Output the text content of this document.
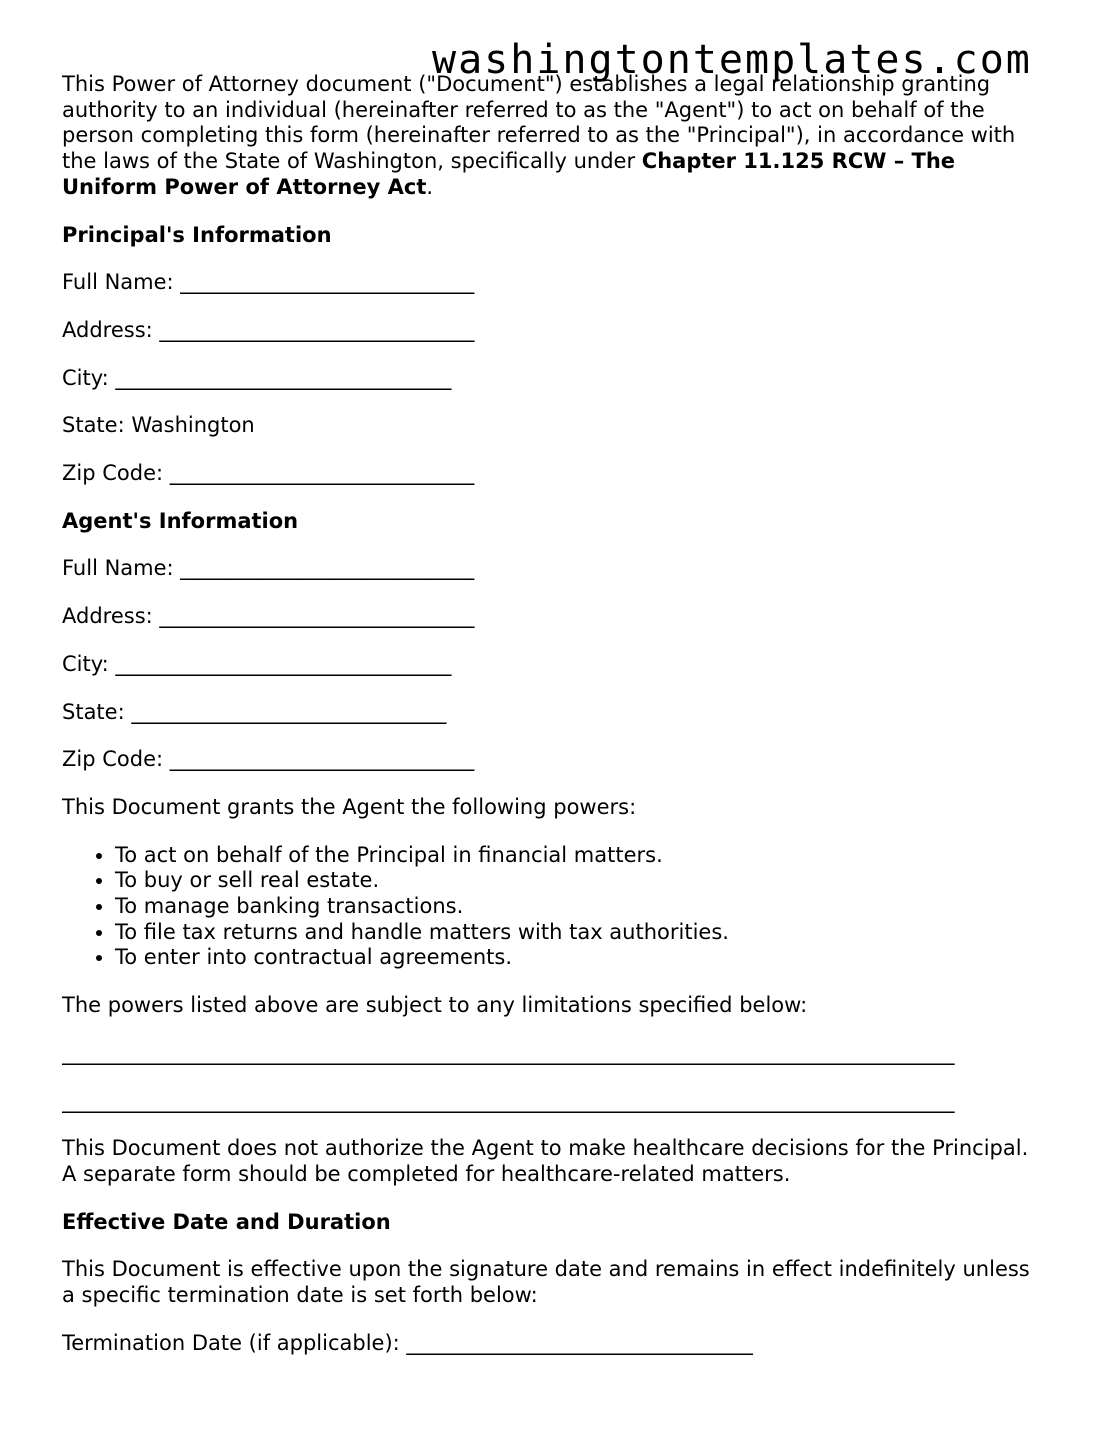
washingtontemplates.com

This Power of Attorney document ("Document") establishes a legal relationship granting authority to an individual (hereinafter referred to as the "Agent") to act on behalf of the person completing this form (hereinafter referred to as the "Principal"), in accordance with the laws of the State of Washington, specifically under Chapter 11.125 RCW – The Uniform Power of Attorney Act.

Principal's Information

Full Name: ____________________________

Address: ______________________________

City: ________________________________

State: Washington

Zip Code: _____________________________

Agent's Information

Full Name: ____________________________

Address: ______________________________

City: ________________________________

State: ______________________________

Zip Code: _____________________________

This Document grants the Agent the following powers:

• To act on behalf of the Principal in financial matters.
• To buy or sell real estate.
• To manage banking transactions.
• To file tax returns and handle matters with tax authorities.
• To enter into contractual agreements.

The powers listed above are subject to any limitations specified below:

_____________________________________________________________________________________

_____________________________________________________________________________________

This Document does not authorize the Agent to make healthcare decisions for the Principal. A separate form should be completed for healthcare-related matters.

Effective Date and Duration

This Document is effective upon the signature date and remains in effect indefinitely unless a specific termination date is set forth below:

Termination Date (if applicable): _________________________________
